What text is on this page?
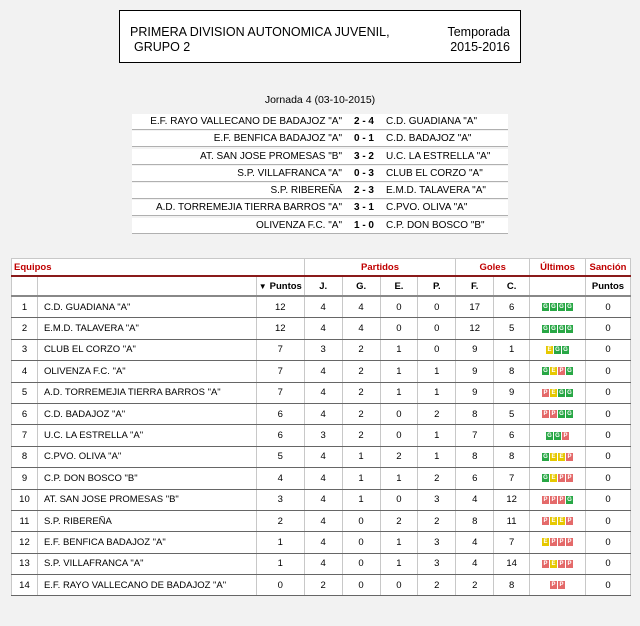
PRIMERA DIVISION AUTONOMICA JUVENIL,
GRUPO 2
Temporada
2015-2016
Jornada 4 (03-10-2015)
E.F. RAYO VALLECANO DE BADAJOZ "A"	2 - 4	C.D. GUADIANA "A"
E.F. BENFICA BADAJOZ "A"	0 - 1	C.D. BADAJOZ "A"
AT. SAN JOSE PROMESAS "B"	3 - 2	U.C. LA ESTRELLA "A"
S.P. VILLAFRANCA "A"	0 - 3	CLUB EL CORZO "A"
S.P. RIBEREÑA	2 - 3	E.M.D. TALAVERA "A"
A.D. TORREMEJIA TIERRA BARROS "A"	3 - 1	C.PVO. OLIVA "A"
OLIVENZA F.C. "A"	1 - 0	C.P. DON BOSCO "B"
Equipos			Partidos				Goles		Últimos	Sanción
		▼ Puntos	J.	G.	E.	P.	F.	C.		Puntos
1	C.D. GUADIANA "A"	12	4	4	0	0	17	6	G G G G	0
2	E.M.D. TALAVERA "A"	12	4	4	0	0	12	5	G G G G	0
3	CLUB EL CORZO "A"	7	3	2	1	0	9	1	E G G	0
4	OLIVENZA F.C. "A"	7	4	2	1	1	9	8	G E P G	0
5	A.D. TORREMEJIA TIERRA BARROS "A"	7	4	2	1	1	9	9	P E G G	0
6	C.D. BADAJOZ "A"	6	4	2	0	2	8	5	P P G G	0
7	U.C. LA ESTRELLA "A"	6	3	2	0	1	7	6	G G P	0
8	C.PVO. OLIVA "A"	5	4	1	2	1	8	8	G E E P	0
9	C.P. DON BOSCO "B"	4	4	1	1	2	6	7	G E P P	0
10	AT. SAN JOSE PROMESAS "B"	3	4	1	0	3	4	12	P P P G	0
11	S.P. RIBEREÑA	2	4	0	2	2	8	11	P E E P	0
12	E.F. BENFICA BADAJOZ "A"	1	4	0	1	3	4	7	E P P P	0
13	S.P. VILLAFRANCA "A"	1	4	0	1	3	4	14	P E P P	0
14	E.F. RAYO VALLECANO DE BADAJOZ "A"	0	2	0	0	2	2	8	P P	0
